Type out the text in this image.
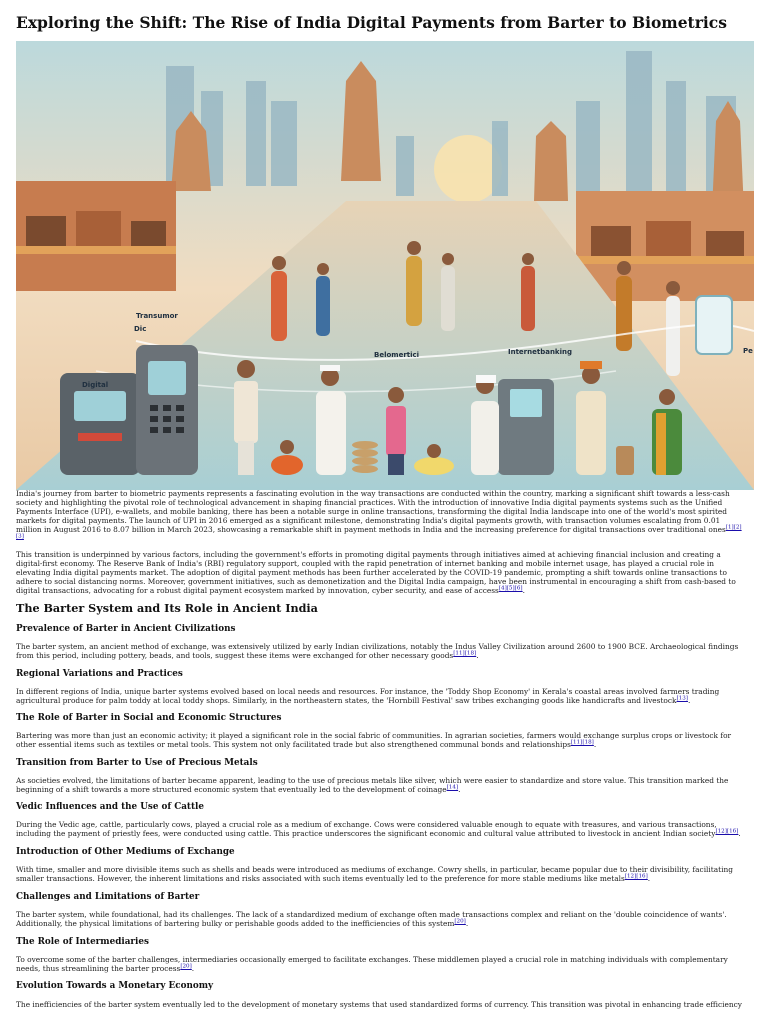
Exploring the Shift: The Rise of India Digital Payments from Barter to Biometrics
Transumor
Dic
Belomertici	Internetbanking	Pe
Digital

India's journey from barter to biometric payments represents a fascinating evolution in the way transactions are conducted within the country, marking a significant shift towards a less-cash society and highlighting the pivotal role of technological advancement in shaping financial practices. With the introduction of innovative India digital payments systems such as the Unified Payments Interface (UPI), e-wallets, and mobile banking, there has been a notable surge in online transactions, transforming the digital India landscape into one of the world's most spirited markets for digital payments. The launch of UPI in 2016 emerged as a significant milestone, demonstrating India's digital payments growth, with transaction volumes escalating from 0.01 million in August 2016 to 8.07 billion in March 2023, showcasing a remarkable shift in payment methods in India and the increasing preference for digital transactions over traditional ones[1][2][3]

This transition is underpinned by various factors, including the government's efforts in promoting digital payments through initiatives aimed at achieving financial inclusion and creating a digital-first economy. The Reserve Bank of India's (RBI) regulatory support, coupled with the rapid penetration of internet banking and mobile internet usage, has played a crucial role in elevating India digital payments market. The adoption of digital payment methods has been further accelerated by the COVID-19 pandemic, prompting a shift towards online transactions to adhere to social distancing norms. Moreover, government initiatives, such as demonetization and the Digital India campaign, have been instrumental in encouraging a shift from cash-based to digital transactions, advocating for a robust digital payment ecosystem marked by innovation, cyber security, and ease of access[4][5][6].

The Barter System and Its Role in Ancient India
Prevalence of Barter in Ancient Civilizations

The barter system, an ancient method of exchange, was extensively utilized by early Indian civilizations, notably the Indus Valley Civilization around 2600 to 1900 BCE. Archaeological findings from this period, including pottery, beads, and tools, suggest these items were exchanged for other necessary goods[11][18].

Regional Variations and Practices

In different regions of India, unique barter systems evolved based on local needs and resources. For instance, the 'Toddy Shop Economy' in Kerala's coastal areas involved farmers trading agricultural produce for palm toddy at local toddy shops. Similarly, in the northeastern states, the 'Hornbill Festival' saw tribes exchanging goods like handicrafts and livestock[13].

The Role of Barter in Social and Economic Structures

Bartering was more than just an economic activity; it played a significant role in the social fabric of communities. In agrarian societies, farmers would exchange surplus crops or livestock for other essential items such as textiles or metal tools. This system not only facilitated trade but also strengthened communal bonds and relationships[11][18].

Transition from Barter to Use of Precious Metals

As societies evolved, the limitations of barter became apparent, leading to the use of precious metals like silver, which were easier to standardize and store value. This transition marked the beginning of a shift towards a more structured economic system that eventually led to the development of coinage[14].

Vedic Influences and the Use of Cattle

During the Vedic age, cattle, particularly cows, played a crucial role as a medium of exchange. Cows were considered valuable enough to equate with treasures, and various transactions, including the payment of priestly fees, were conducted using cattle. This practice underscores the significant economic and cultural value attributed to livestock in ancient Indian society[12][16].

Introduction of Other Mediums of Exchange

With time, smaller and more divisible items such as shells and beads were introduced as mediums of exchange. Cowry shells, in particular, became popular due to their divisibility, facilitating smaller transactions. However, the inherent limitations and risks associated with such items eventually led to the preference for more stable mediums like metals[12][16].

Challenges and Limitations of Barter

The barter system, while foundational, had its challenges. The lack of a standardized medium of exchange often made transactions complex and reliant on the 'double coincidence of wants'. Additionally, the physical limitations of bartering bulky or perishable goods added to the inefficiencies of this system[20].

The Role of Intermediaries

To overcome some of the barter challenges, intermediaries occasionally emerged to facilitate exchanges. These middlemen played a crucial role in matching individuals with complementary needs, thus streamlining the barter process[20].

Evolution Towards a Monetary Economy

The inefficiencies of the barter system eventually led to the development of monetary systems that used standardized forms of currency. This transition was pivotal in enhancing trade efficiency
